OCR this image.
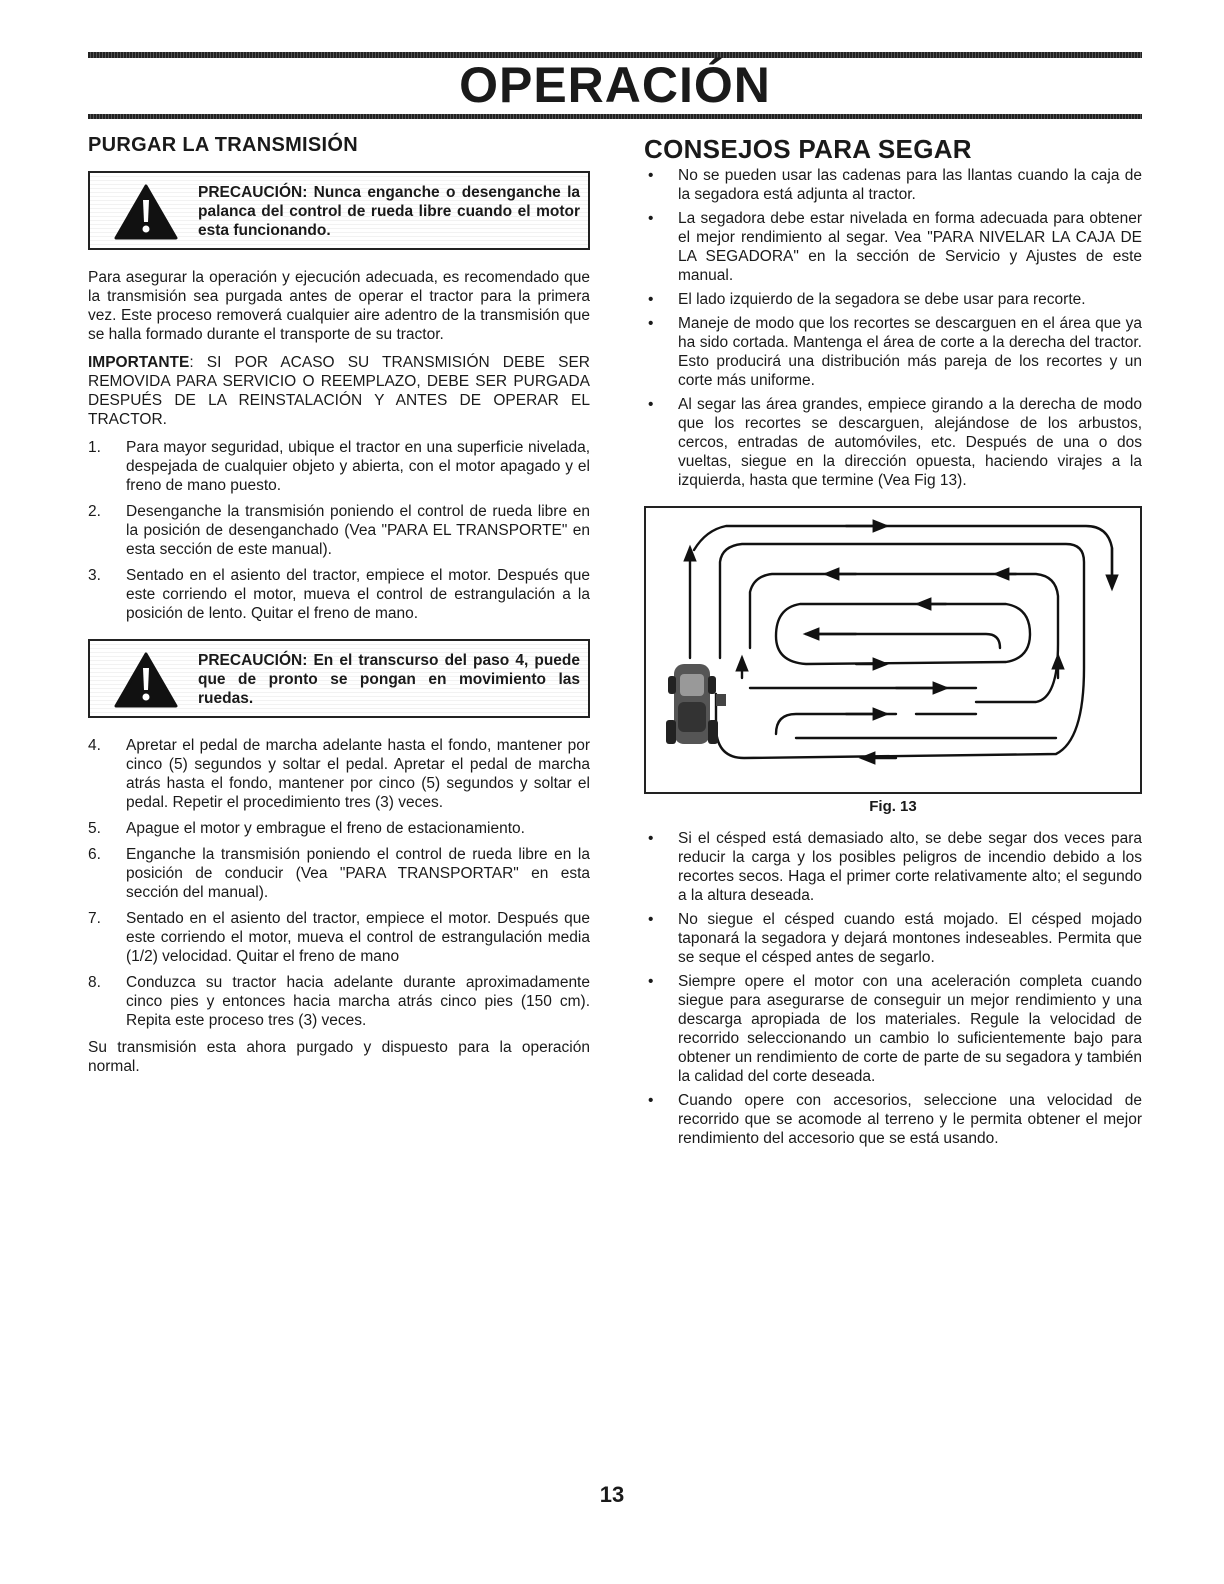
OPERACIÓN
PURGAR LA TRANSMISIÓN
PRECAUCIÓN: Nunca enganche o desenganche la palanca del control de rueda libre cuando el motor esta funcionando.

Para asegurar la operación y ejecución adecuada, es recomendado que la transmisión sea purgada antes de operar el tractor para la primera vez. Este proceso removerá cualquier aire adentro de la transmisión que se halla formado durante el transporte de su tractor.

IMPORTANTE: SI POR ACASO SU TRANSMISIÓN DEBE SER REMOVIDA PARA SERVICIO O REEMPLAZO, DEBE SER PURGADA DESPUÉS DE LA REINSTALACIÓN Y ANTES DE OPERAR EL TRACTOR.

1. Para mayor seguridad, ubique el tractor en una superficie nivelada, despejada de cualquier objeto y abierta, con el motor apagado y el freno de mano puesto.
2. Desenganche la transmisión poniendo el control de rueda libre en la posición de desenganchado (Vea "PARA EL TRANSPORTE" en esta sección de este manual).
3. Sentado en el asiento del tractor, empiece el motor. Después que este corriendo el motor, mueva el control de estrangulación a la posición de lento. Quitar el freno de mano.
PRECAUCIÓN: En el transcurso del paso 4, puede que de pronto se pongan en movimiento las ruedas.
4. Apretar el pedal de marcha adelante hasta el fondo, mantener por cinco (5) segundos y soltar el pedal. Apretar el pedal de marcha atrás hasta el fondo, mantener por cinco (5) segundos y soltar el pedal. Repetir el procedimiento tres (3) veces.
5. Apague el motor y embrague el freno de estacionamiento.
6. Enganche la transmisión poniendo el control de rueda libre en la posición de conducir (Vea "PARA TRANSPORTAR" en esta sección del manual).
7. Sentado en el asiento del tractor, empiece el motor. Después que este corriendo el motor, mueva el control de estrangulación media (1/2) velocidad. Quitar el freno de mano
8. Conduzca su tractor hacia adelante durante aproximadamente cinco pies y entonces hacia marcha atrás cinco pies (150 cm). Repita este proceso tres (3) veces.

Su transmisión esta ahora purgado y dispuesto para la operación normal.

CONSEJOS PARA SEGAR
• No se pueden usar las cadenas para las llantas cuando la caja de la segadora está adjunta al tractor.
• La segadora debe estar nivelada en forma adecuada para obtener el mejor rendimiento al segar. Vea "PARA NIVELAR LA CAJA DE LA SEGADORA" en la sección de Servicio y Ajustes de este manual.
• El lado izquierdo de la segadora se debe usar para recorte.
• Maneje de modo que los recortes se descarguen en el área que ya ha sido cortada. Mantenga el área de corte a la derecha del tractor. Esto producirá una distribución más pareja de los recortes y un corte más uniforme.
• Al segar las área grandes, empiece girando a la derecha de modo que los recortes se descarguen, alejándose de los arbustos, cercos, entradas de automóviles, etc. Después de una o dos vueltas, siegue en la dirección opuesta, haciendo virajes a la izquierda, hasta que termine (Vea Fig 13).
Fig. 13
• Si el césped está demasiado alto, se debe segar dos veces para reducir la carga y los posibles peligros de incendio debido a los recortes secos. Haga el primer corte relativamente alto; el segundo a la altura deseada.
• No siegue el césped cuando está mojado. El césped mojado taponará la segadora y dejará montones indeseables. Permita que se seque el césped antes de segarlo.
• Siempre opere el motor con una aceleración completa cuando siegue para asegurarse de conseguir un mejor rendimiento y una descarga apropiada de los materiales. Regule la velocidad de recorrido seleccionando un cambio lo suficientemente bajo para obtener un rendimiento de corte de parte de su segadora y también la calidad del corte deseada.
• Cuando opere con accesorios, seleccione una velocidad de recorrido que se acomode al terreno y le permita obtener el mejor rendimiento del accesorio que se está usando.
13
